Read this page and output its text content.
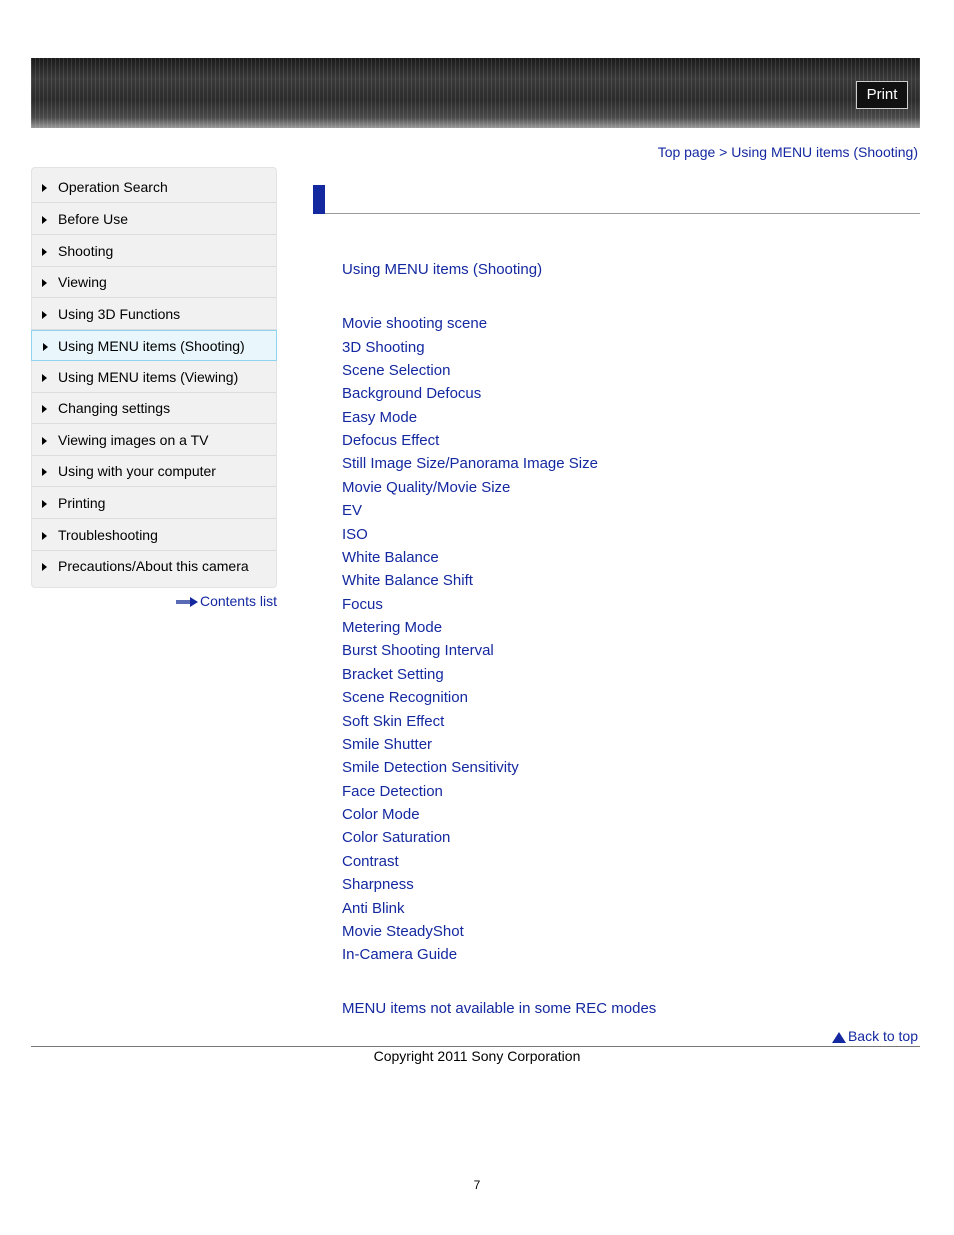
Print
Top page > Using MENU items (Shooting)
Operation Search
Before Use
Shooting
Viewing
Using 3D Functions
Using MENU items (Shooting)
Using MENU items (Viewing)
Changing settings
Viewing images on a TV
Using with your computer
Printing
Troubleshooting
Precautions/About this camera
Contents list
Using MENU items (Shooting)
Movie shooting scene
3D Shooting
Scene Selection
Background Defocus
Easy Mode
Defocus Effect
Still Image Size/Panorama Image Size
Movie Quality/Movie Size
EV
ISO
White Balance
White Balance Shift
Focus
Metering Mode
Burst Shooting Interval
Bracket Setting
Scene Recognition
Soft Skin Effect
Smile Shutter
Smile Detection Sensitivity
Face Detection
Color Mode
Color Saturation
Contrast
Sharpness
Anti Blink
Movie SteadyShot
In-Camera Guide
MENU items not available in some REC modes
Back to top
Copyright 2011 Sony Corporation
7
